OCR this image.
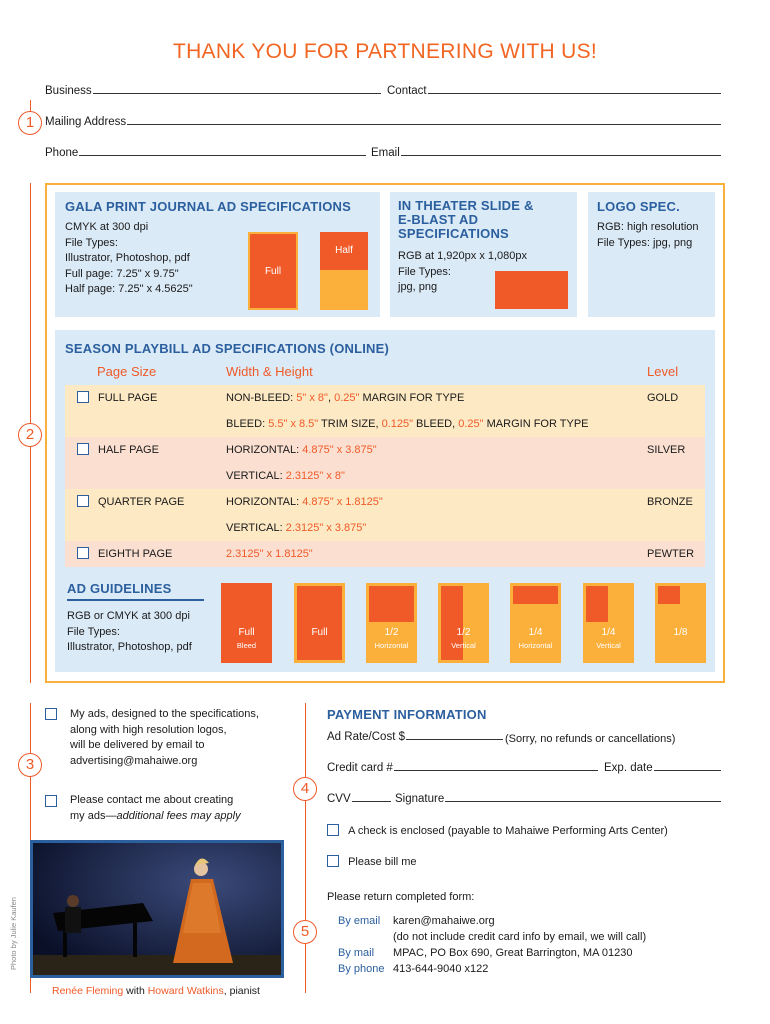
THANK YOU FOR PARTNERING WITH US!
Business	Contact
Mailing Address
Phone	Email
1
2
3
GALA PRINT JOURNAL AD SPECIFICATIONS
CMYK at 300 dpi
File Types:
Illustrator, Photoshop, pdf
Full page: 7.25" x 9.75"
Half page: 7.25" x 4.5625"
Full
Half
IN THEATER SLIDE &
E-BLAST AD
SPECIFICATIONS
RGB at 1,920px x 1,080px
File Types:
jpg, png
LOGO SPEC.
RGB: high resolution
File Types: jpg, png
SEASON PLAYBILL AD SPECIFICATIONS (ONLINE)
Page Size	Width & Height	Level
FULL PAGE	NON-BLEED: 5" x 8", 0.25" MARGIN FOR TYPE	GOLD
BLEED: 5.5" x 8.5" TRIM SIZE, 0.125" BLEED, 0.25" MARGIN FOR TYPE
HALF PAGE	HORIZONTAL: 4.875" x 3.875"	SILVER
VERTICAL: 2.3125" x 8"
QUARTER PAGE	HORIZONTAL: 4.875" x 1.8125"	BRONZE
VERTICAL: 2.3125" x 3.875"
EIGHTH PAGE	2.3125" x 1.8125"	PEWTER
AD GUIDELINES
RGB or CMYK at 300 dpi
File Types:
Illustrator, Photoshop, pdf
Full
Bleed
Full	1/2
Horizontal
1/2
Vertical
1/4
Horizontal
1/4
Vertical
1/8
My ads, designed to the specifications,
along with high resolution logos,
will be delivered by email to
advertising@mahaiwe.org
Please contact me about creating
my ads—additional fees may apply
Photo by Julie Kaufen
Renée Fleming with Howard Watkins, pianist
4
5
PAYMENT INFORMATION
Ad Rate/Cost $	(Sorry, no refunds or cancellations)
Credit card #	Exp. date
CVV	Signature
A check is enclosed (payable to Mahaiwe Performing Arts Center)
Please bill me
Please return completed form:
By email karen@mahaiwe.org
(do not include credit card info by email, we will call)
By mail MPAC, PO Box 690, Great Barrington, MA 01230
By phone 413-644-9040 x122
